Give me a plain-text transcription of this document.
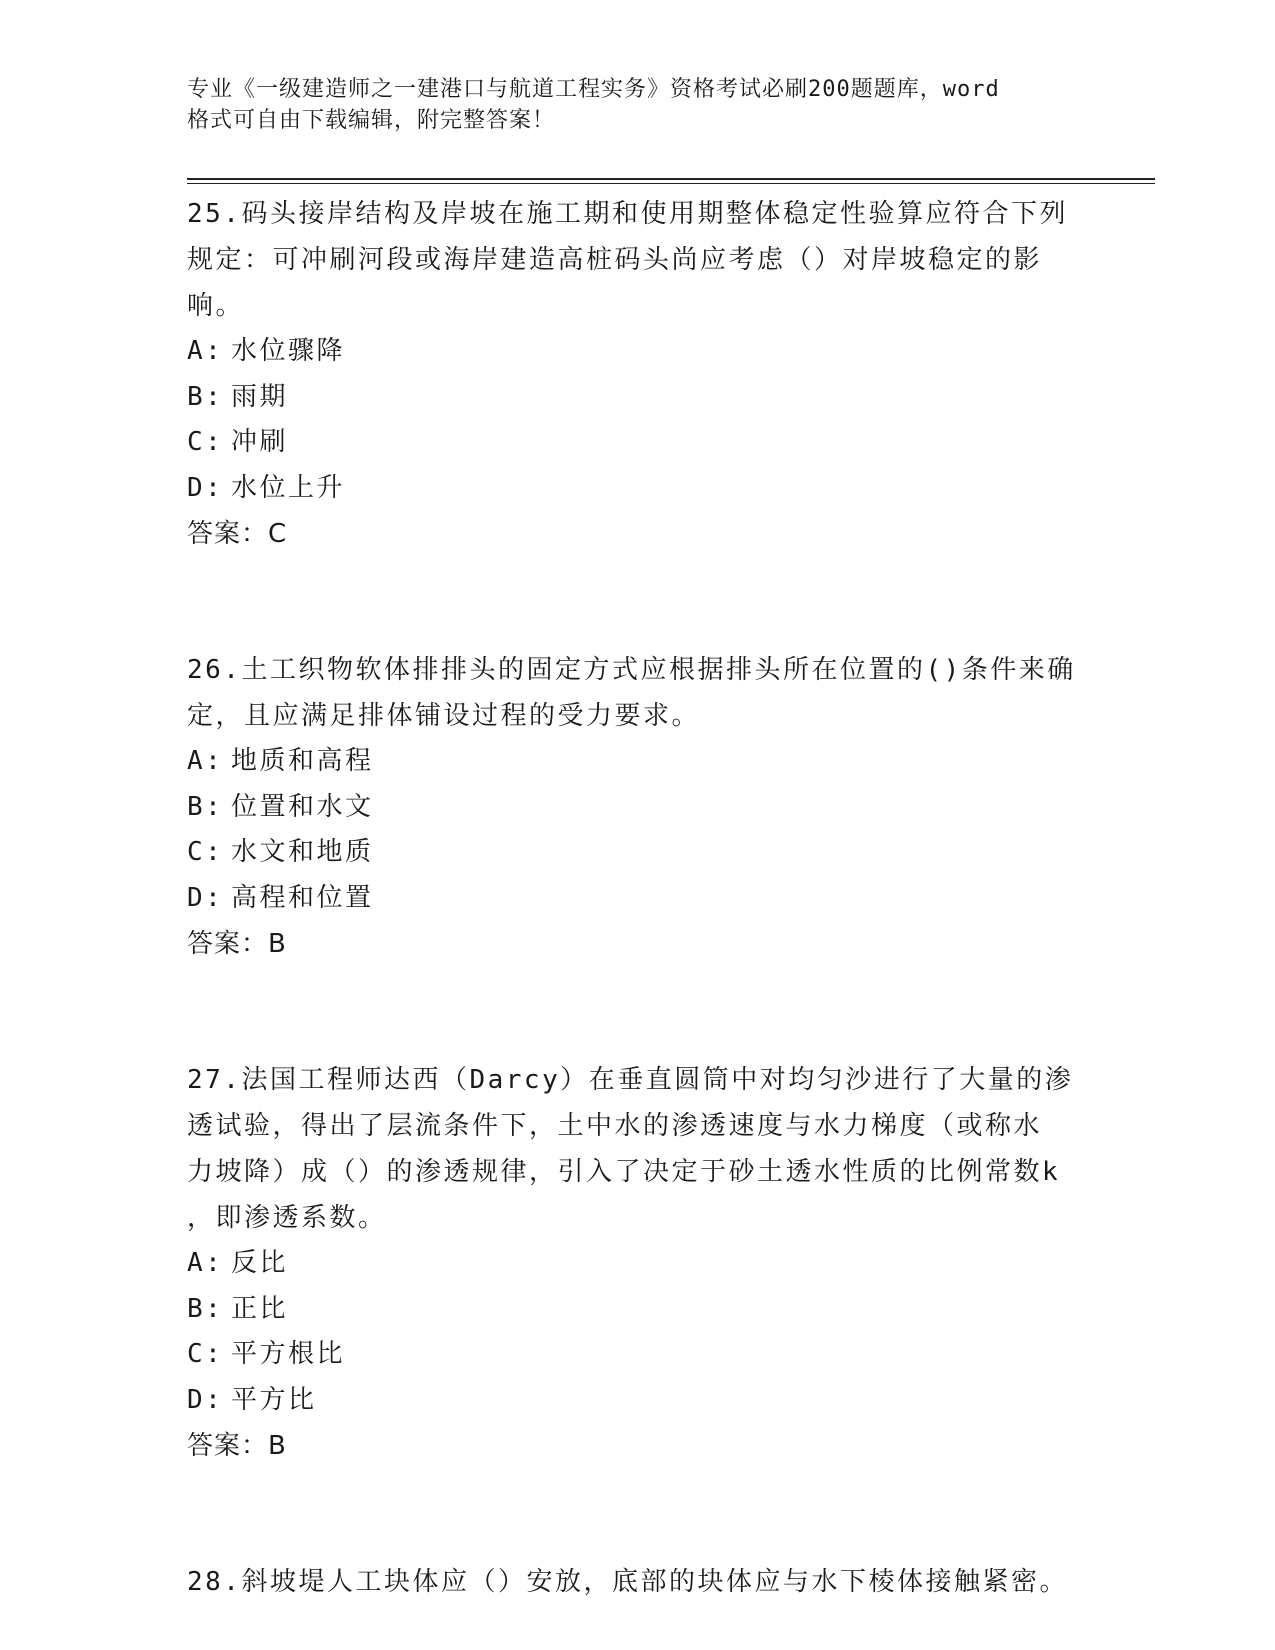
专业《一级建造师之一建港口与航道工程实务》资格考试必刷200题题库，word
格式可自由下载编辑，附完整答案！

25.码头接岸结构及岸坡在施工期和使用期整体稳定性验算应符合下列

规定：可冲刷河段或海岸建造高桩码头尚应考虑（）对岸坡稳定的影

响。

A: 水位骤降

B: 雨期

C: 冲刷

D: 水位上升

答案：C

26.土工织物软体排排头的固定方式应根据排头所在位置的()条件来确

定，且应满足排体铺设过程的受力要求。

A: 地质和高程

B: 位置和水文

C: 水文和地质

D: 高程和位置

答案：B

27.法国工程师达西（Darcy）在垂直圆筒中对均匀沙进行了大量的渗

透试验，得出了层流条件下，土中水的渗透速度与水力梯度（或称水

力坡降）成（）的渗透规律，引入了决定于砂土透水性质的比例常数k

，即渗透系数。

A: 反比

B: 正比

C: 平方根比

D: 平方比

答案：B

28.斜坡堤人工块体应（）安放，底部的块体应与水下棱体接触紧密。
